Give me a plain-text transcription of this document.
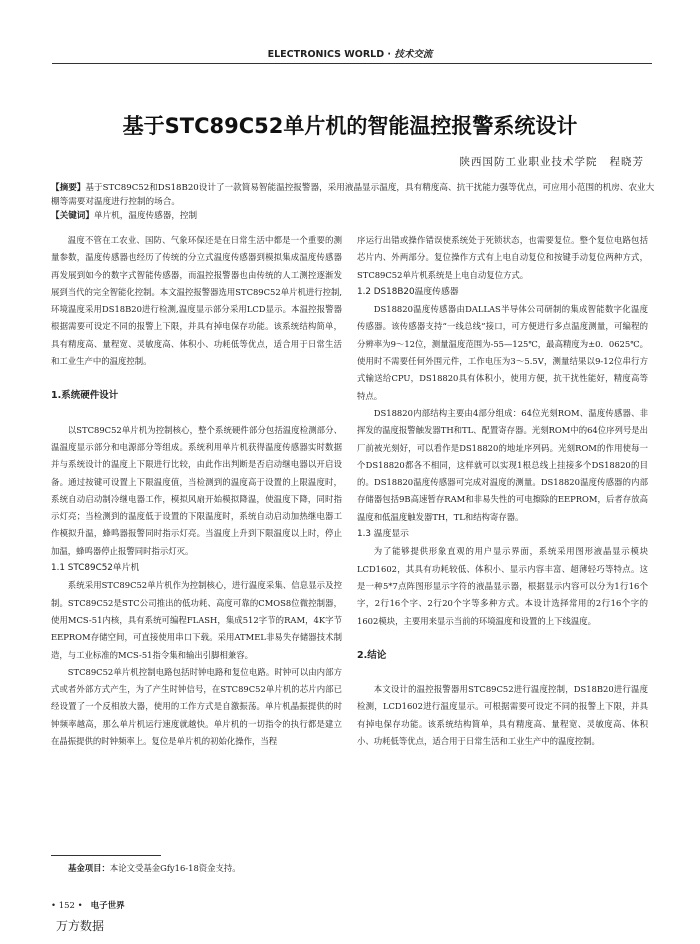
ELECTRONICS WORLD · 技术交流
基于STC89C52单片机的智能温控报警系统设计
陕西国防工业职业技术学院 程晓芳
【摘要】基于STC89C52和DS18B20设计了一款简易智能温控报警器，采用液晶显示温度，具有精度高、抗干扰能力强等优点，可应用小范围的机房、农业大棚等需要对温度进行控制的场合。
【关键词】单片机，温度传感器，控制

温度不管在工农业、国防、气象环保还是在日常生活中都是一个重要的测量参数，温度传感器也经历了传统的分立式温度传感器到模拟集成温度传感器再发展到如今的数字式智能传感器，而温控报警器也由传统的人工测控逐渐发展到当代的完全智能化控制。本文温控报警器选用STC89C52单片机进行控制,环境温度采用DS18B20进行检测,温度显示部分采用LCD显示。本温控报警器根据需要可设定不同的报警上下限，并具有掉电保存功能。该系统结构简单，具有精度高、量程宽、灵敏度高、体积小、功耗低等优点，适合用于日常生活和工业生产中的温度控制。

1.系统硬件设计

以STC89C52单片机为控制核心，整个系统硬件部分包括温度检测部分、温温度显示部分和电源部分等组成。系统利用单片机获得温度传感器实时数据并与系统设计的温度上下限进行比较，由此作出判断是否启动继电器以开启设备。通过按键可设置上下限温度值，当检测到的温度高于设置的上限温度时，系统自动启动制冷继电器工作，模拟风扇开始模拟降温，使温度下降，同时指示灯亮；当检测到的温度低于设置的下限温度时，系统自动启动加热继电器工作模拟升温，蜂鸣器报警同时指示灯亮。当温度上升到下限温度以上时，停止加温，蜂鸣器停止报警同时指示灯灭。

1.1 STC89C52单片机

系统采用STC89C52单片机作为控制核心，进行温度采集、信息显示及控制。STC89C52是STC公司推出的低功耗、高度可靠的CMOS8位微控制器，使用MCS-51内核，具有系统可编程FLASH，集成512字节的RAM，4K字节EEPROM存储空间，可直接使用串口下载。采用ATMEL非易失存储器技术制造，与工业标准的MCS-51指令集和输出引脚相兼容。

STC89C52单片机控制电路包括时钟电路和复位电路。时钟可以由内部方式或者外部方式产生，为了产生时钟信号，在STC89C52单片机的芯片内部已经设置了一个反相放大器，使用的工作方式是自激振荡。单片机晶振提供的时钟频率越高，那么单片机运行速度就越快。单片机的一切指令的执行都是建立在晶振提供的时钟频率上。复位是单片机的初始化操作，当程

序运行出错或操作错误使系统处于死锁状态，也需要复位。整个复位电路包括芯片内、外两部分。复位操作方式有上电自动复位和按键手动复位两种方式，STC89C52单片机系统是上电自动复位方式。

1.2 DS18B20温度传感器

DS18820温度传感器由DALLAS半导体公司研制的集成智能数字化温度传感器。该传感器支持“一线总线”接口，可方便进行多点温度测量，可编程的分辨率为9～12位，测量温度范围为-55—125℃，最高精度为±0．0625℃。使用时不需要任何外围元件，工作电压为3～5.5V，测量结果以9-12位串行方式输送给CPU，DS18820具有体积小，使用方便，抗干扰性能好，精度高等特点。

DS18820内部结构主要由4部分组成：64位光刻ROM、温度传感器、非挥发的温度报警触发器TH和TL、配置寄存器。光刻ROM中的64位序列号是出厂前被光刻好，可以看作是DS18820的地址序列码。光刻ROM的作用使每一个DS18820都各不相同，这样就可以实现1根总线上挂接多个DS18820的目的。DS18820温度传感器可完成对温度的测量。DS18820温度传感器的内部存储器包括9B高速暂存RAM和非易失性的可电擦除的EEPROM，后者存放高温度和低温度触发器TH，TL和结构寄存器。

1.3 温度显示

为了能够提供形象直观的用户显示界面，系统采用图形液晶显示模块LCD1602，其具有功耗较低、体积小、显示内容丰富、超薄轻巧等特点。这是一种5*7点阵图形显示字符的液晶显示器，根据显示内容可以分为1行16个字，2行16个字、2行20个字等多种方式。本设计选择常用的2行16个字的1602模块，主要用来显示当前的环境温度和设置的上下线温度。

2.结论

本文设计的温控报警器用STC89C52进行温度控制，DS18B20进行温度检测，LCD1602进行温度显示。可根据需要可设定不同的报警上下限，并具有掉电保存功能。该系统结构简单，具有精度高、量程宽、灵敏度高、体积小、功耗低等优点，适合用于日常生活和工业生产中的温度控制。

基金项目：本论文受基金Gfy16-18资金支持。
• 152 • 电子世界
万方数据
